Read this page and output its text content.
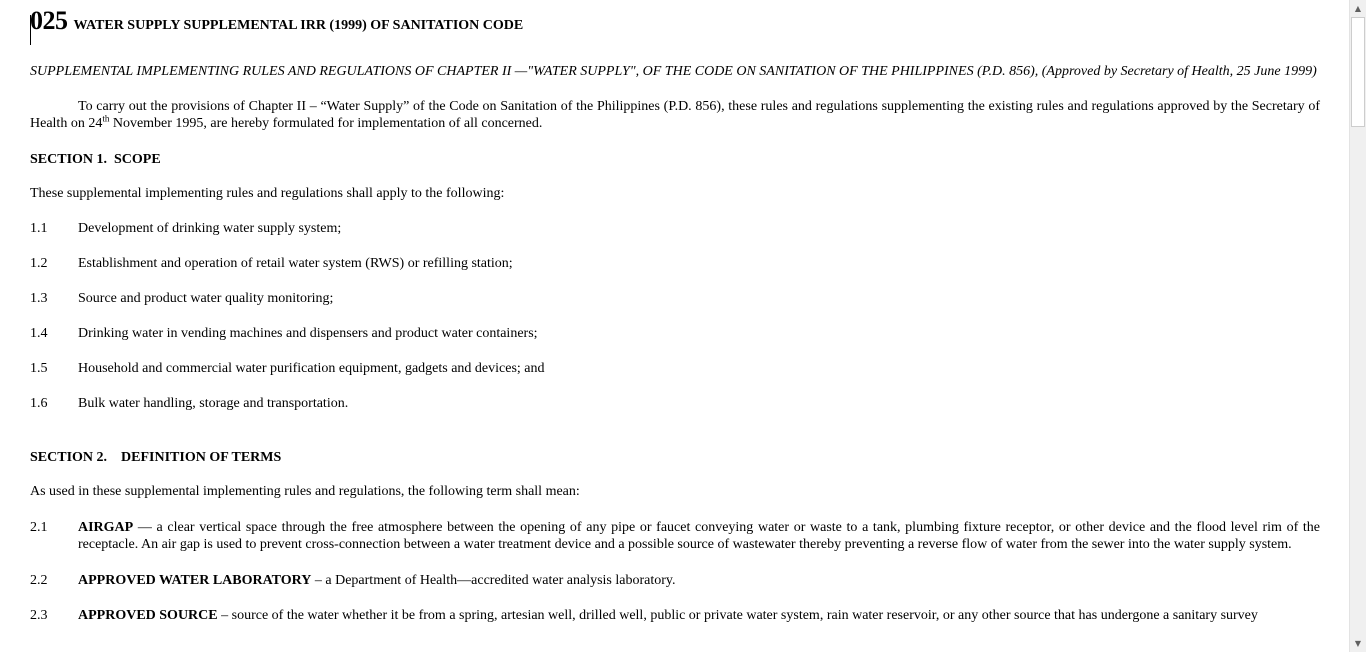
025 WATER SUPPLY SUPPLEMENTAL IRR (1999) OF SANITATION CODE

SUPPLEMENTAL IMPLEMENTING RULES AND REGULATIONS OF CHAPTER II —"WATER SUPPLY", OF THE CODE ON SANITATION OF THE PHILIPPINES (P.D. 856), (Approved by Secretary of Health, 25 June 1999)

To carry out the provisions of Chapter II – “Water Supply” of the Code on Sanitation of the Philippines (P.D. 856), these rules and regulations supplementing the existing rules and regulations approved by the Secretary of Health on 24th November 1995, are hereby formulated for implementation of all concerned.

SECTION 1.  SCOPE
These supplemental implementing rules and regulations shall apply to the following:
1.1	Development of drinking water supply system;
1.2	Establishment and operation of retail water system (RWS) or refilling station;
1.3	Source and product water quality monitoring;
1.4	Drinking water in vending machines and dispensers and product water containers;
1.5	Household and commercial water purification equipment, gadgets and devices; and
1.6	Bulk water handling, storage and transportation.
SECTION 2.    DEFINITION OF TERMS
As used in these supplemental implementing rules and regulations, the following term shall mean:
2.1	AIRGAP — a clear vertical space through the free atmosphere between the opening of any pipe or faucet conveying water or waste to a tank, plumbing fixture receptor, or other device and the flood level rim of the receptacle. An air gap is used to prevent cross-connection between a water treatment device and a possible source of wastewater thereby preventing a reverse flow of water from the sewer into the water supply system.
2.2	APPROVED WATER LABORATORY – a Department of Health—accredited water analysis laboratory.
2.3	APPROVED SOURCE – source of the water whether it be from a spring, artesian well, drilled well, public or private water system, rain water reservoir, or any other source that has undergone a sanitary survey
▲
▼
